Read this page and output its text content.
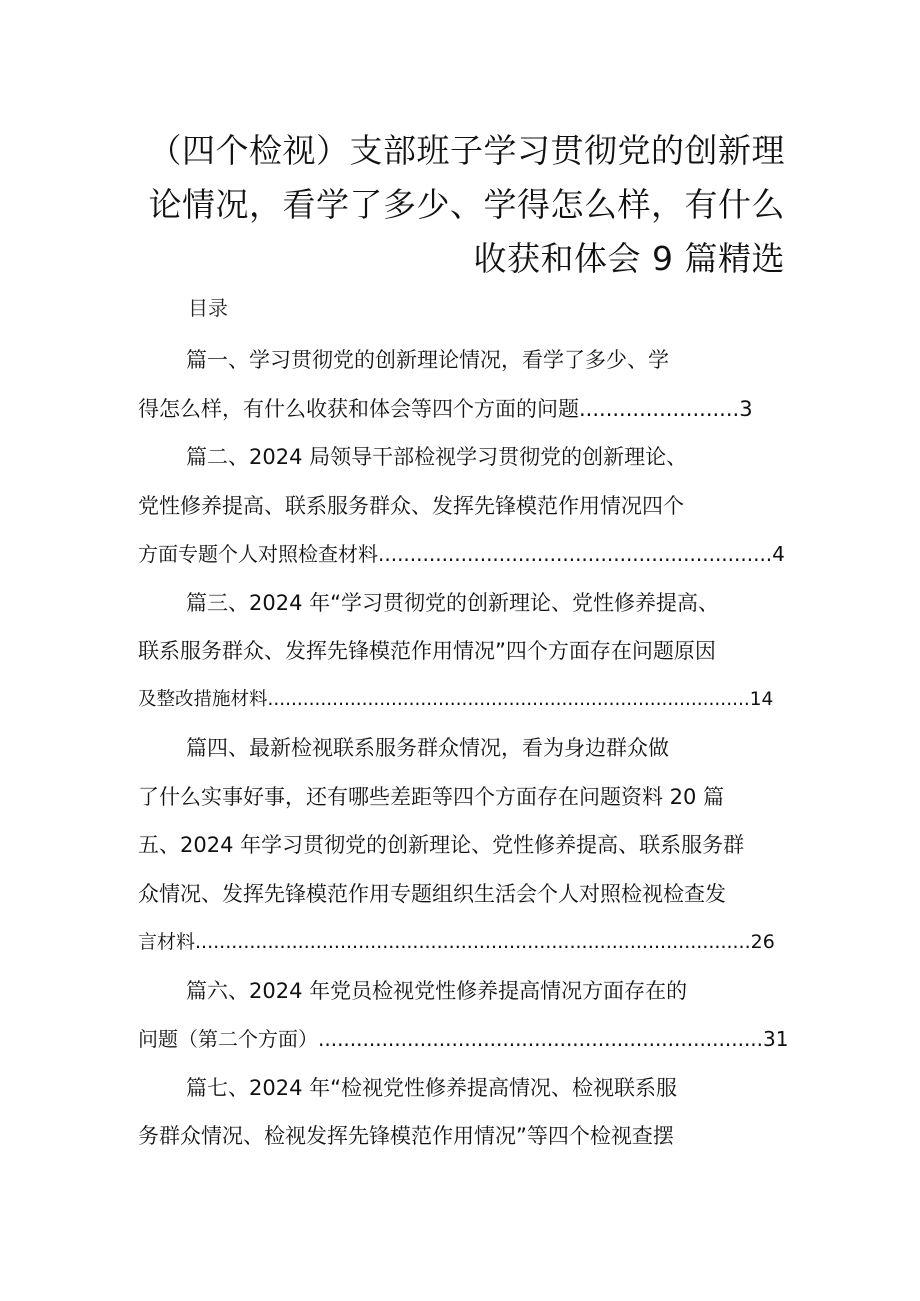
（四个检视）支部班子学习贯彻党的创新理
论情况，看学了多少、学得怎么样，有什么
收获和体会 9 篇精选
目录
篇一、学习贯彻党的创新理论情况，看学了多少、学
得怎么样，有什么收获和体会等四个方面的问题........................3
篇二、2024 局领导干部检视学习贯彻党的创新理论、
党性修养提高、联系服务群众、发挥先锋模范作用情况四个
方面专题个人对照检查材料..............................................................4
篇三、2024 年“学习贯彻党的创新理论、党性修养提高、
联系服务群众、发挥先锋模范作用情况”四个方面存在问题原因
及整改措施材料..................................................................................14
篇四、最新检视联系服务群众情况，看为身边群众做
了什么实事好事，还有哪些差距等四个方面存在问题资料 20 篇
五、2024 年学习贯彻党的创新理论、党性修养提高、联系服务群
众情况、发挥先锋模范作用专题组织生活会个人对照检视检查发
言材料............................................................................................26
篇六、2024 年党员检视党性修养提高情况方面存在的
问题（第二个方面）......................................................................31
篇七、2024 年“检视党性修养提高情况、检视联系服
务群众情况、检视发挥先锋模范作用情况”等四个检视查摆
